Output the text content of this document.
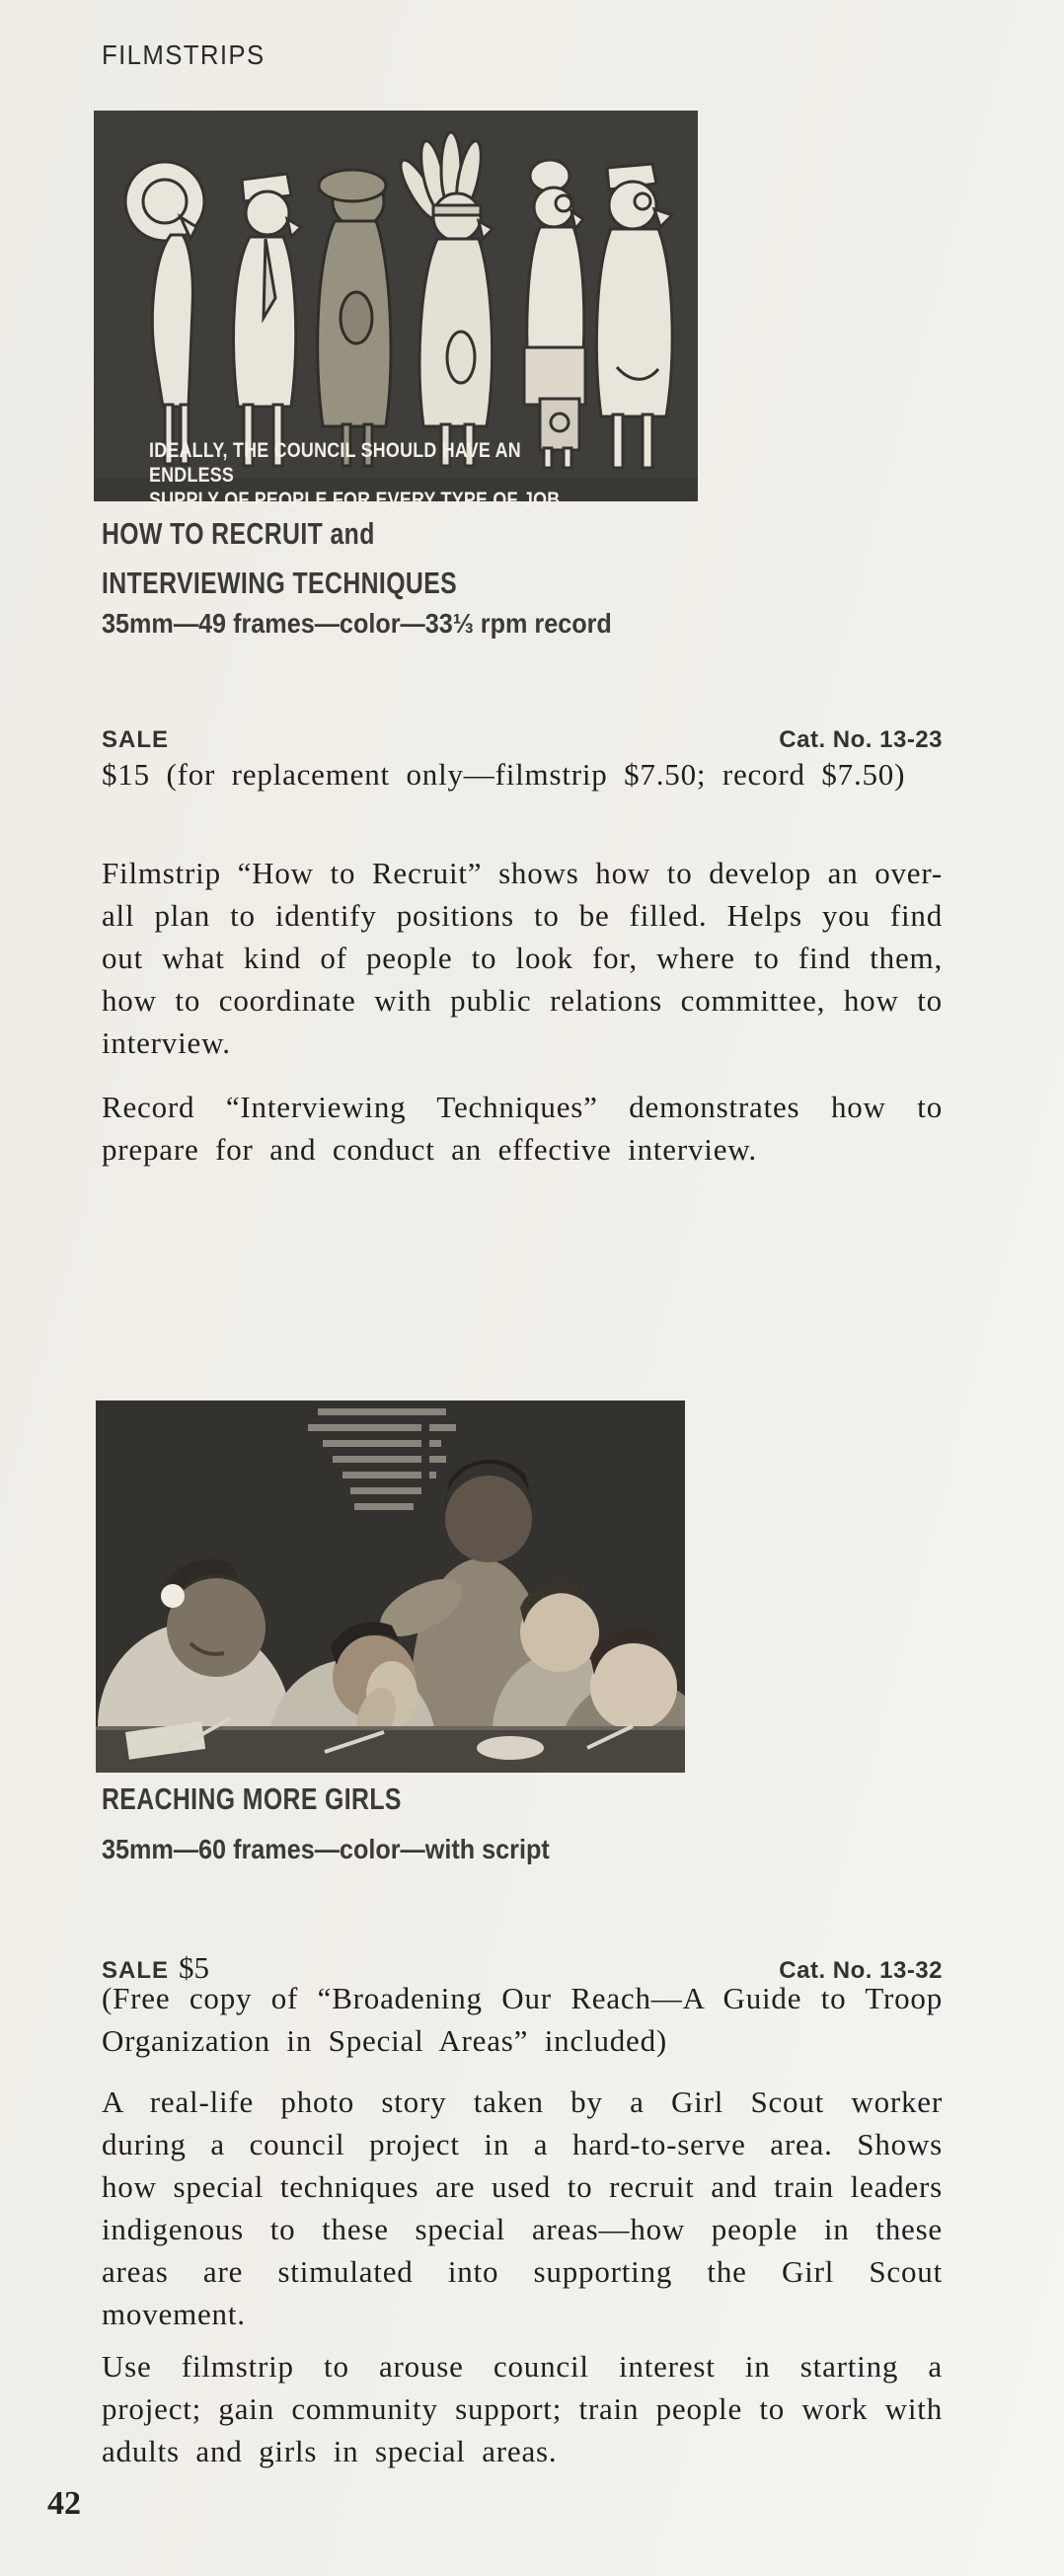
FILMSTRIPS
IDEALLY, THE COUNCIL SHOULD HAVE AN ENDLESS
SUPPLY OF PEOPLE FOR EVERY TYPE OF JOB...
HOW TO RECRUIT and
INTERVIEWING TECHNIQUES
35mm—49 frames—color—33⅓ rpm record
SALE	Cat. No. 13-23

$15 (for replacement only—filmstrip $7.50; record $7.50)

Filmstrip “How to Recruit” shows how to develop an over-all plan to identify positions to be filled. Helps you find out what kind of people to look for, where to find them, how to coordinate with public relations committee, how to interview.

Record “Interviewing Techniques” demonstrates how to prepare for and conduct an effective interview.

REACHING MORE GIRLS
35mm—60 frames—color—with script
SALE $5	Cat. No. 13-32

(Free copy of “Broadening Our Reach—A Guide to Troop Organization in Special Areas” included)

A real-life photo story taken by a Girl Scout worker during a council project in a hard-to-serve area. Shows how special techniques are used to recruit and train leaders indigenous to these special areas—how people in these areas are stimulated into supporting the Girl Scout movement.

Use filmstrip to arouse council interest in starting a project; gain community support; train people to work with adults and girls in special areas.

42
